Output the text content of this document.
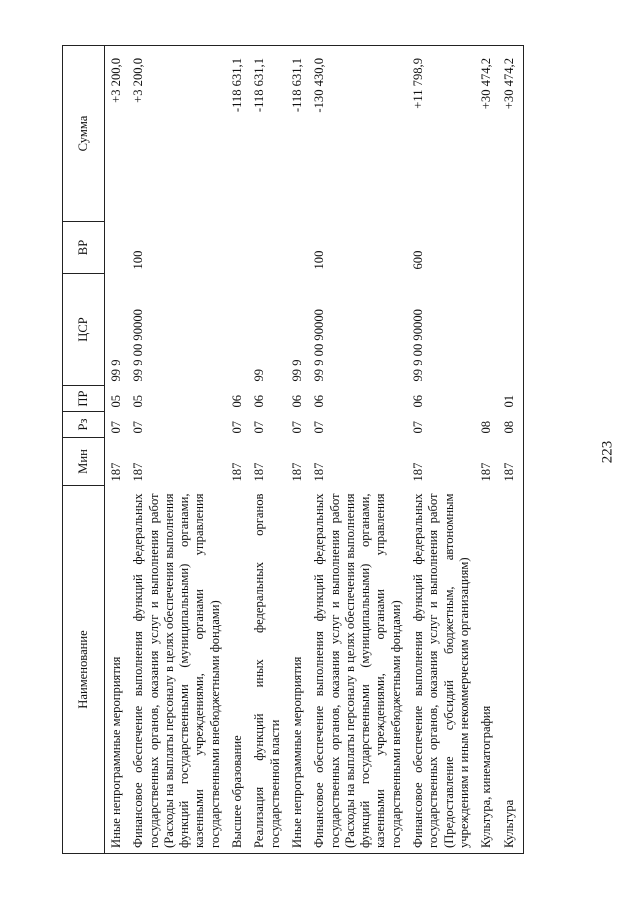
223
Наименование	Мин	Рз	ПР	ЦСР	ВР	Сумма
Иные непрограммные мероприятия	187	07	05	99 9		+3 200,0
Финансовое обеспечение выполнения функций федеральных государственных органов, оказания услуг и выполнения работ (Расходы на выплаты персоналу в целях обеспечения выполнения функций государственными (муниципальными) органами, казенными учреждениями, органами управления государственными внебюджетными фондами)	187	07	05	99 9 00 90000	100	+3 200,0
Высшее образование	187	07	06			-118 631,1
Реализация функций иных федеральных органов государственной власти	187	07	06	99		-118 631,1
Иные непрограммные мероприятия	187	07	06	99 9		-118 631,1
Финансовое обеспечение выполнения функций федеральных государственных органов, оказания услуг и выполнения работ (Расходы на выплаты персоналу в целях обеспечения выполнения функций государственными (муниципальными) органами, казенными учреждениями, органами управления государственными внебюджетными фондами)	187	07	06	99 9 00 90000	100	-130 430,0
Финансовое обеспечение выполнения функций федеральных государственных органов, оказания услуг и выполнения работ (Предоставление субсидий бюджетным, автономным учреждениям и иным некоммерческим организациям)	187	07	06	99 9 00 90000	600	+11 798,9
Культура, кинематография	187	08				+30 474,2
Культура	187	08	01			+30 474,2
